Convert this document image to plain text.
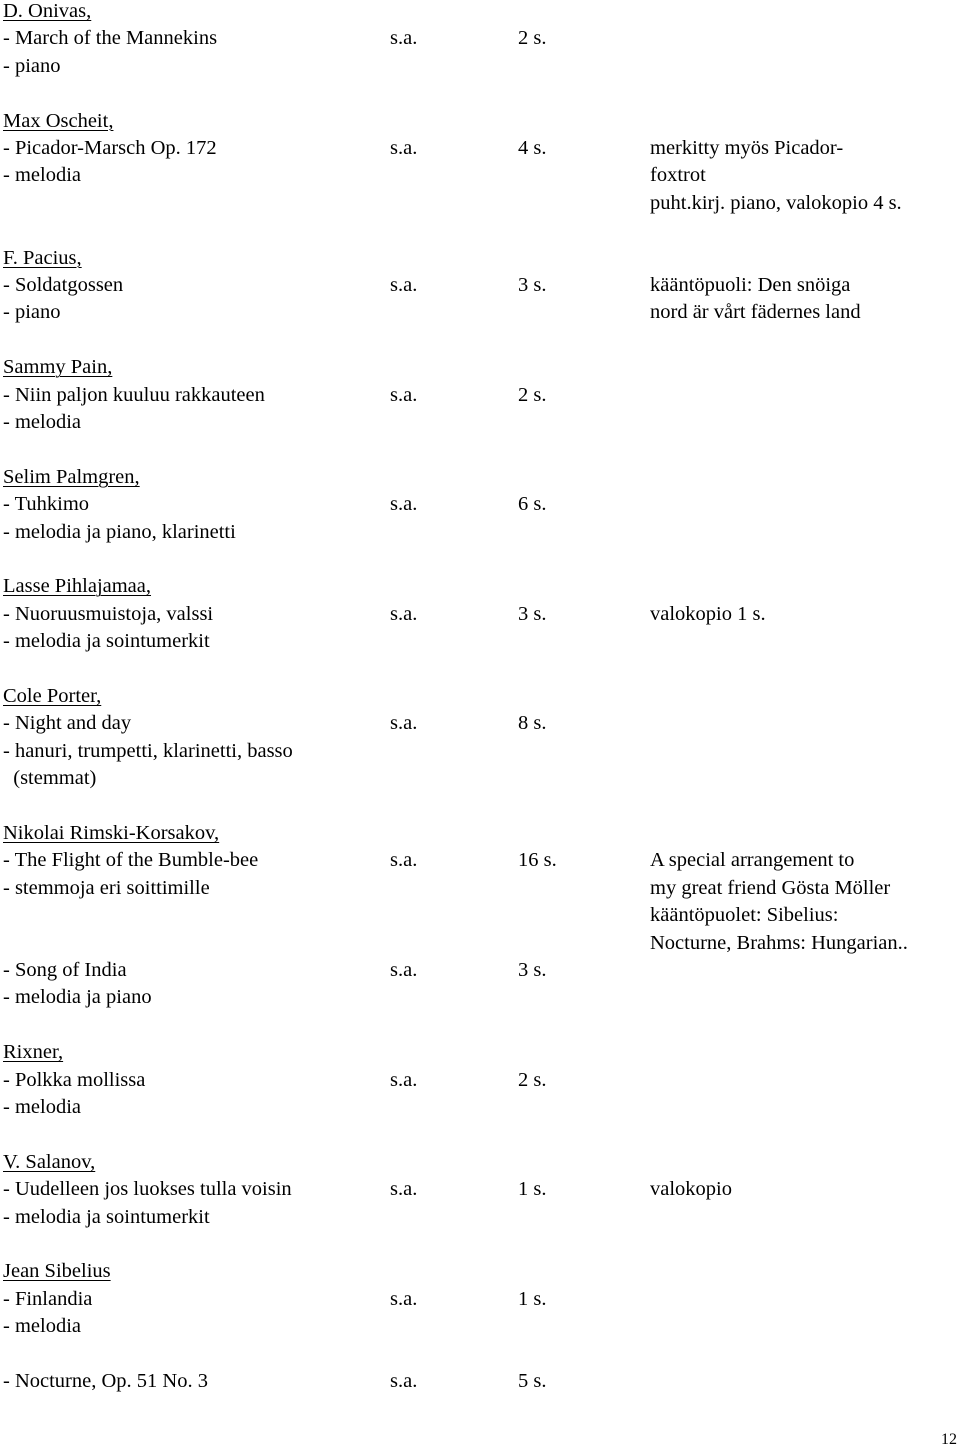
D. Onivas,
- March of the Mannekins	s.a.	2 s.
- piano
Max Oscheit,
- Picador-Marsch Op. 172	s.a.	4 s.	merkitty myös Picador-
- melodia	foxtrot
puht.kirj. piano, valokopio 4 s.
F. Pacius,
- Soldatgossen	s.a.	3 s.	kääntöpuoli: Den snöiga
- piano	nord är vårt fädernes land
Sammy Pain,
- Niin paljon kuuluu rakkauteen	s.a.	2 s.
- melodia
Selim Palmgren,
- Tuhkimo	s.a.	6 s.
- melodia ja piano, klarinetti
Lasse Pihlajamaa,
- Nuoruusmuistoja, valssi	s.a.	3 s.	valokopio 1 s.
- melodia ja sointumerkit
Cole Porter,
- Night and day	s.a.	8 s.
- hanuri, trumpetti, klarinetti, basso
(stemmat)
Nikolai Rimski-Korsakov,
- The Flight of the Bumble-bee	s.a.	16 s.	A special arrangement to
- stemmoja eri soittimille	my great friend Gösta Möller
kääntöpuolet: Sibelius:
Nocturne, Brahms: Hungarian..
- Song of India	s.a.	3 s.
- melodia ja piano
Rixner,
- Polkka mollissa	s.a.	2 s.
- melodia
V. Salanov,
- Uudelleen jos luokses tulla voisin	s.a.	1 s.	valokopio
- melodia ja sointumerkit
Jean Sibelius
- Finlandia	s.a.	1 s.
- melodia
- Nocturne, Op. 51 No. 3	s.a.	5 s.
12
